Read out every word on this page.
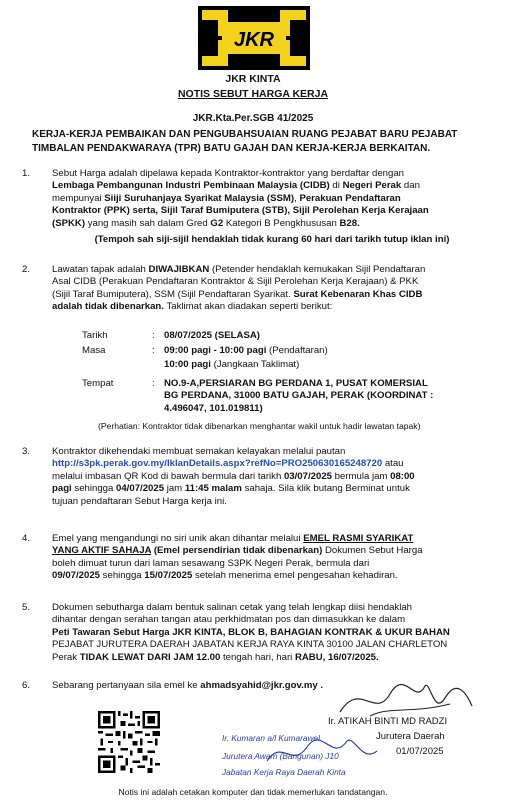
JKR
JKR KINTA
NOTIS SEBUT HARGA KERJA
JKR.Kta.Per.SGB 41/2025
KERJA-KERJA PEMBAIKAN DAN PENGUBAHSUAIAN RUANG PEJABAT BARU PEJABAT TIMBALAN PENDAKWARAYA (TPR) BATU GAJAH DAN KERJA-KERJA BERKAITAN.
1.	Sebut Harga adalah dipelawa kepada Kontraktor-kontraktor yang berdaftar dengan
Lembaga Pembangunan Industri Pembinaan Malaysia (CIDB) di Negeri Perak dan
mempunyai Siiji Suruhanjaya Syarikat Malaysia (SSM), Perakuan Pendaftaran
Kontraktor (PPK) serta, Sijil Taraf Bumiputera (STB), Sijil Perolehan Kerja Kerajaan
(SPKK) yang masih sah dalam Gred G2 Kategori B Pengkhususan B28.
(Tempoh sah siji-sijil hendaklah tidak kurang 60 hari dari tarikh tutup iklan ini)
2.	Lawatan tapak adalah DIWAJIBKAN (Petender hendaklah kemukakan Sijil Pendaftaran
Asal CIDB (Perakuan Pendaftaran Kontraktor & Sijil Perolehan Kerja Kerajaan) & PKK
(Sijil Taraf Bumiputera), SSM (Sijil Pendaftaran Syarikat. Surat Kebenaran Khas CIDB
adalah tidak dibenarkan. Taklimat akan diadakan seperti berikut:
Tarikh	: 08/07/2025 (SELASA)
Masa	: 09:00 pagi - 10:00 pagi (Pendaftaran)
10:00 pagi (Jangkaan Taklimat)
Tempat	: NO.9-A,PERSIARAN BG PERDANA 1, PUSAT KOMERSIAL
BG PERDANA, 31000 BATU GAJAH, PERAK (KOORDINAT :
4.496047, 101.019811)
(Perhatian: Kontraktor tidak dibenarkan menghantar wakil untuk hadir lawatan tapak)
3.	Kontraktor dikehendaki membuat semakan kelayakan melalui pautan
http://s3pk.perak.gov.my/IklanDetails.aspx?refNo=PRO250630165248720 atau
melalui imbasan QR Kod di bawah bermula dari tarikh 03/07/2025 bermula jam 08:00
pagi sehingga 04/07/2025 jam 11:45 malam sahaja. Sila klik butang Berminat untuk
tujuan pendaftaran Sebut Harga kerja ini.
4.	Emel yang mengandungi no siri unik akan dihantar melalui EMEL RASMI SYARIKAT
YANG AKTIF SAHAJA (Emel persendirian tidak dibenarkan) Dokumen Sebut Harga
boleh dimuat turun dari laman sesawang S3PK Negeri Perak, bermula dari
09/07/2025 sehingga 15/07/2025 setelah menerima emel pengesahan kehadiran.
5.	Dokumen sebutharga dalam bentuk salinan cetak yang telah lengkap diisi hendaklah
dihantar dengan serahan tangan atau perkhidmatan pos dan dimasukkan ke dalam
Peti Tawaran Sebut Harga JKR KINTA, BLOK B, BAHAGIAN KONTRAK & UKUR BAHAN
PEJABAT JURUTERA DAERAH JABATAN KERJA RAYA KINTA 30100 JALAN CHARLETON
Perak TIDAK LEWAT DARI JAM 12.00 tengah hari, hari RABU, 16/07/2025.
6.	Sebarang pertanyaan sila emel ke ahmadsyahid@jkr.gov.my .
Ir. ATIKAH BINTI MD RADZI
Jurutera Daerah
01/07/2025
Ir. Kumaran a/l Kumarawel
Jurutera Awam (Bangunan) J10
Jabatan Kerja Raya Daerah Kinta
Notis ini adalah cetakan komputer dan tidak memerlukan tandatangan.
